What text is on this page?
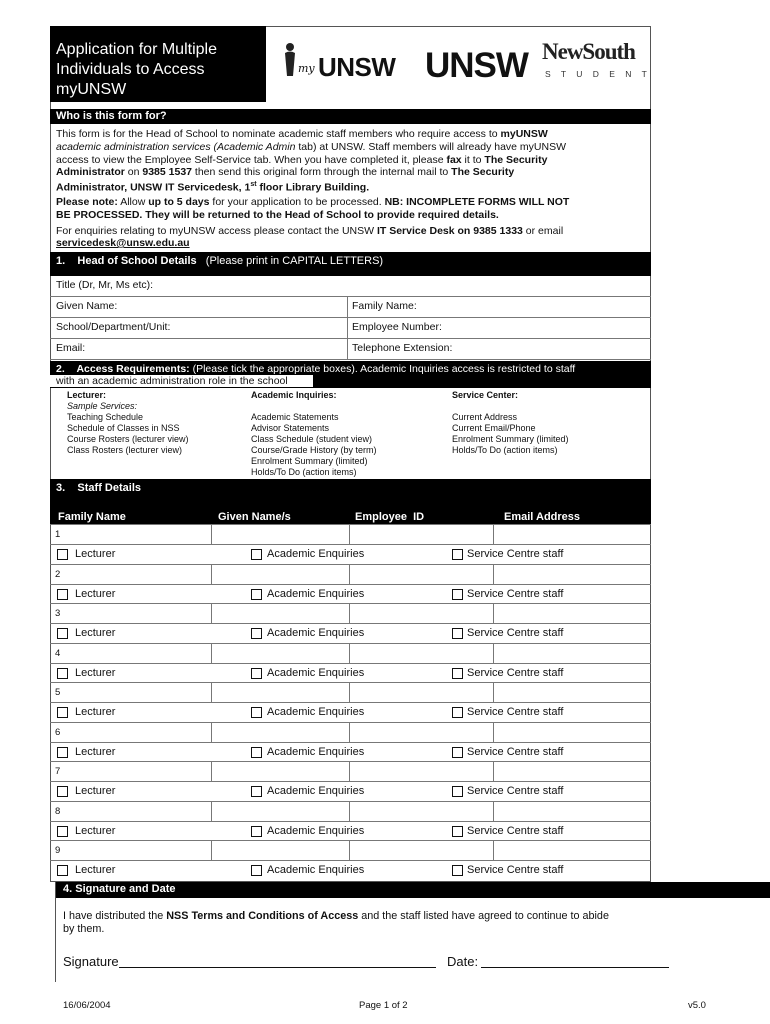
Application for Multiple
Individuals to Access
myUNSW
my UNSW UNSW NewSouth
S T U D E N T
Who is this form for?
This form is for the Head of School to nominate academic staff members who require access to myUNSW
academic administration services (Academic Admin tab) at UNSW. Staff members will already have myUNSW
access to view the Employee Self-Service tab. When you have completed it, please fax it to The Security
Administrator on 9385 1537 then send this original form through the internal mail to The Security
Administrator, UNSW IT Servicedesk, 1st floor Library Building.
Please note: Allow up to 5 days for your application to be processed. NB: INCOMPLETE FORMS WILL NOT
BE PROCESSED. They will be returned to the Head of School to provide required details.
For enquiries relating to myUNSW access please contact the UNSW IT Service Desk on 9385 1333 or email
servicedesk@unsw.edu.au
1. Head of School Details (Please print in CAPITAL LETTERS)
Title (Dr, Mr, Ms etc):
Given Name:	Family Name:
School/Department/Unit:	Employee Number:
Email:	Telephone Extension:
2. Access Requirements: (Please tick the appropriate boxes). Academic Inquiries access is restricted to staff
with an academic administration role in the school
Lecturer:
Sample Services:
Teaching Schedule
Schedule of Classes in NSS
Course Rosters (lecturer view)
Class Rosters (lecturer view)
Academic Inquiries:
Academic Statements
Advisor Statements
Class Schedule (student view)
Course/Grade History (by term)
Enrolment Summary (limited)
Holds/To Do (action items)
Service Center:
Current Address
Current Email/Phone
Enrolment Summary (limited)
Holds/To Do (action items)
3. Staff Details
Family Name	Given Name/s	Employee  ID	Email Address
1
Lecturer	Academic Enquiries	Service Centre staff
2
Lecturer	Academic Enquiries	Service Centre staff
3
Lecturer	Academic Enquiries	Service Centre staff
4
Lecturer	Academic Enquiries	Service Centre staff
5
Lecturer	Academic Enquiries	Service Centre staff
6
Lecturer	Academic Enquiries	Service Centre staff
7
Lecturer	Academic Enquiries	Service Centre staff
8
Lecturer	Academic Enquiries	Service Centre staff
9
Lecturer	Academic Enquiries	Service Centre staff
4. Signature and Date
I have distributed the NSS Terms and Conditions of Access and the staff listed have agreed to continue to abide
by them.
Signature	Date:
16/06/2004	Page 1 of 2	v5.0
